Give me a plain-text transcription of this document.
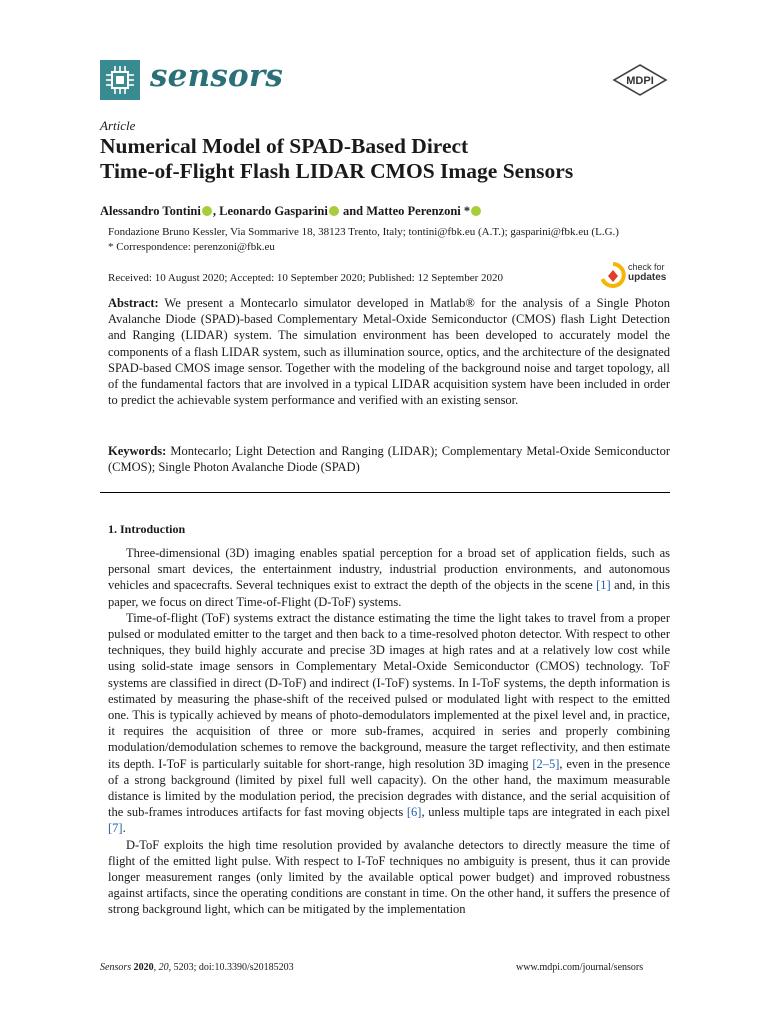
sensors	MDPI
Article
Numerical Model of SPAD-Based Direct
Time-of-Flight Flash LIDAR CMOS Image Sensors
Alessandro Tontini , Leonardo Gasparini and Matteo Perenzoni *
Fondazione Bruno Kessler, Via Sommarive 18, 38123 Trento, Italy; tontini@fbk.eu (A.T.); gasparini@fbk.eu (L.G.)
* Correspondence: perenzoni@fbk.eu
Received: 10 August 2020; Accepted: 10 September 2020; Published: 12 September 2020
check for
updates
Abstract: We present a Montecarlo simulator developed in Matlab® for the analysis of a Single Photon Avalanche Diode (SPAD)-based Complementary Metal-Oxide Semiconductor (CMOS) flash Light Detection and Ranging (LIDAR) system. The simulation environment has been developed to accurately model the components of a flash LIDAR system, such as illumination source, optics, and the architecture of the designated SPAD-based CMOS image sensor. Together with the modeling of the background noise and target topology, all of the fundamental factors that are involved in a typical LIDAR acquisition system have been included in order to predict the achievable system performance and verified with an existing sensor.
Keywords: Montecarlo; Light Detection and Ranging (LIDAR); Complementary Metal-Oxide Semiconductor (CMOS); Single Photon Avalanche Diode (SPAD)
1. Introduction

Three-dimensional (3D) imaging enables spatial perception for a broad set of application fields, such as personal smart devices, the entertainment industry, industrial production environments, and autonomous vehicles and spacecrafts. Several techniques exist to extract the depth of the objects in the scene [1] and, in this paper, we focus on direct Time-of-Flight (D-ToF) systems.

Time-of-flight (ToF) systems extract the distance estimating the time the light takes to travel from a proper pulsed or modulated emitter to the target and then back to a time-resolved photon detector. With respect to other techniques, they build highly accurate and precise 3D images at high rates and at a relatively low cost while using solid-state image sensors in Complementary Metal-Oxide Semiconductor (CMOS) technology. ToF systems are classified in direct (D-ToF) and indirect (I-ToF) systems. In I-ToF systems, the depth information is estimated by measuring the phase-shift of the received pulsed or modulated light with respect to the emitted one. This is typically achieved by means of photo-demodulators implemented at the pixel level and, in practice, it requires the acquisition of three or more sub-frames, acquired in series and properly combining modulation/demodulation schemes to remove the background, measure the target reflectivity, and then estimate its depth. I-ToF is particularly suitable for short-range, high resolution 3D imaging [2–5], even in the presence of a strong background (limited by pixel full well capacity). On the other hand, the maximum measurable distance is limited by the modulation period, the precision degrades with distance, and the serial acquisition of the sub-frames introduces artifacts for fast moving objects [6], unless multiple taps are integrated in each pixel [7].

D-ToF exploits the high time resolution provided by avalanche detectors to directly measure the time of flight of the emitted light pulse. With respect to I-ToF techniques no ambiguity is present, thus it can provide longer measurement ranges (only limited by the available optical power budget) and improved robustness against artifacts, since the operating conditions are constant in time. On the other hand, it suffers the presence of strong background light, which can be mitigated by the implementation

Sensors 2020, 20, 5203; doi:10.3390/s20185203	www.mdpi.com/journal/sensors
